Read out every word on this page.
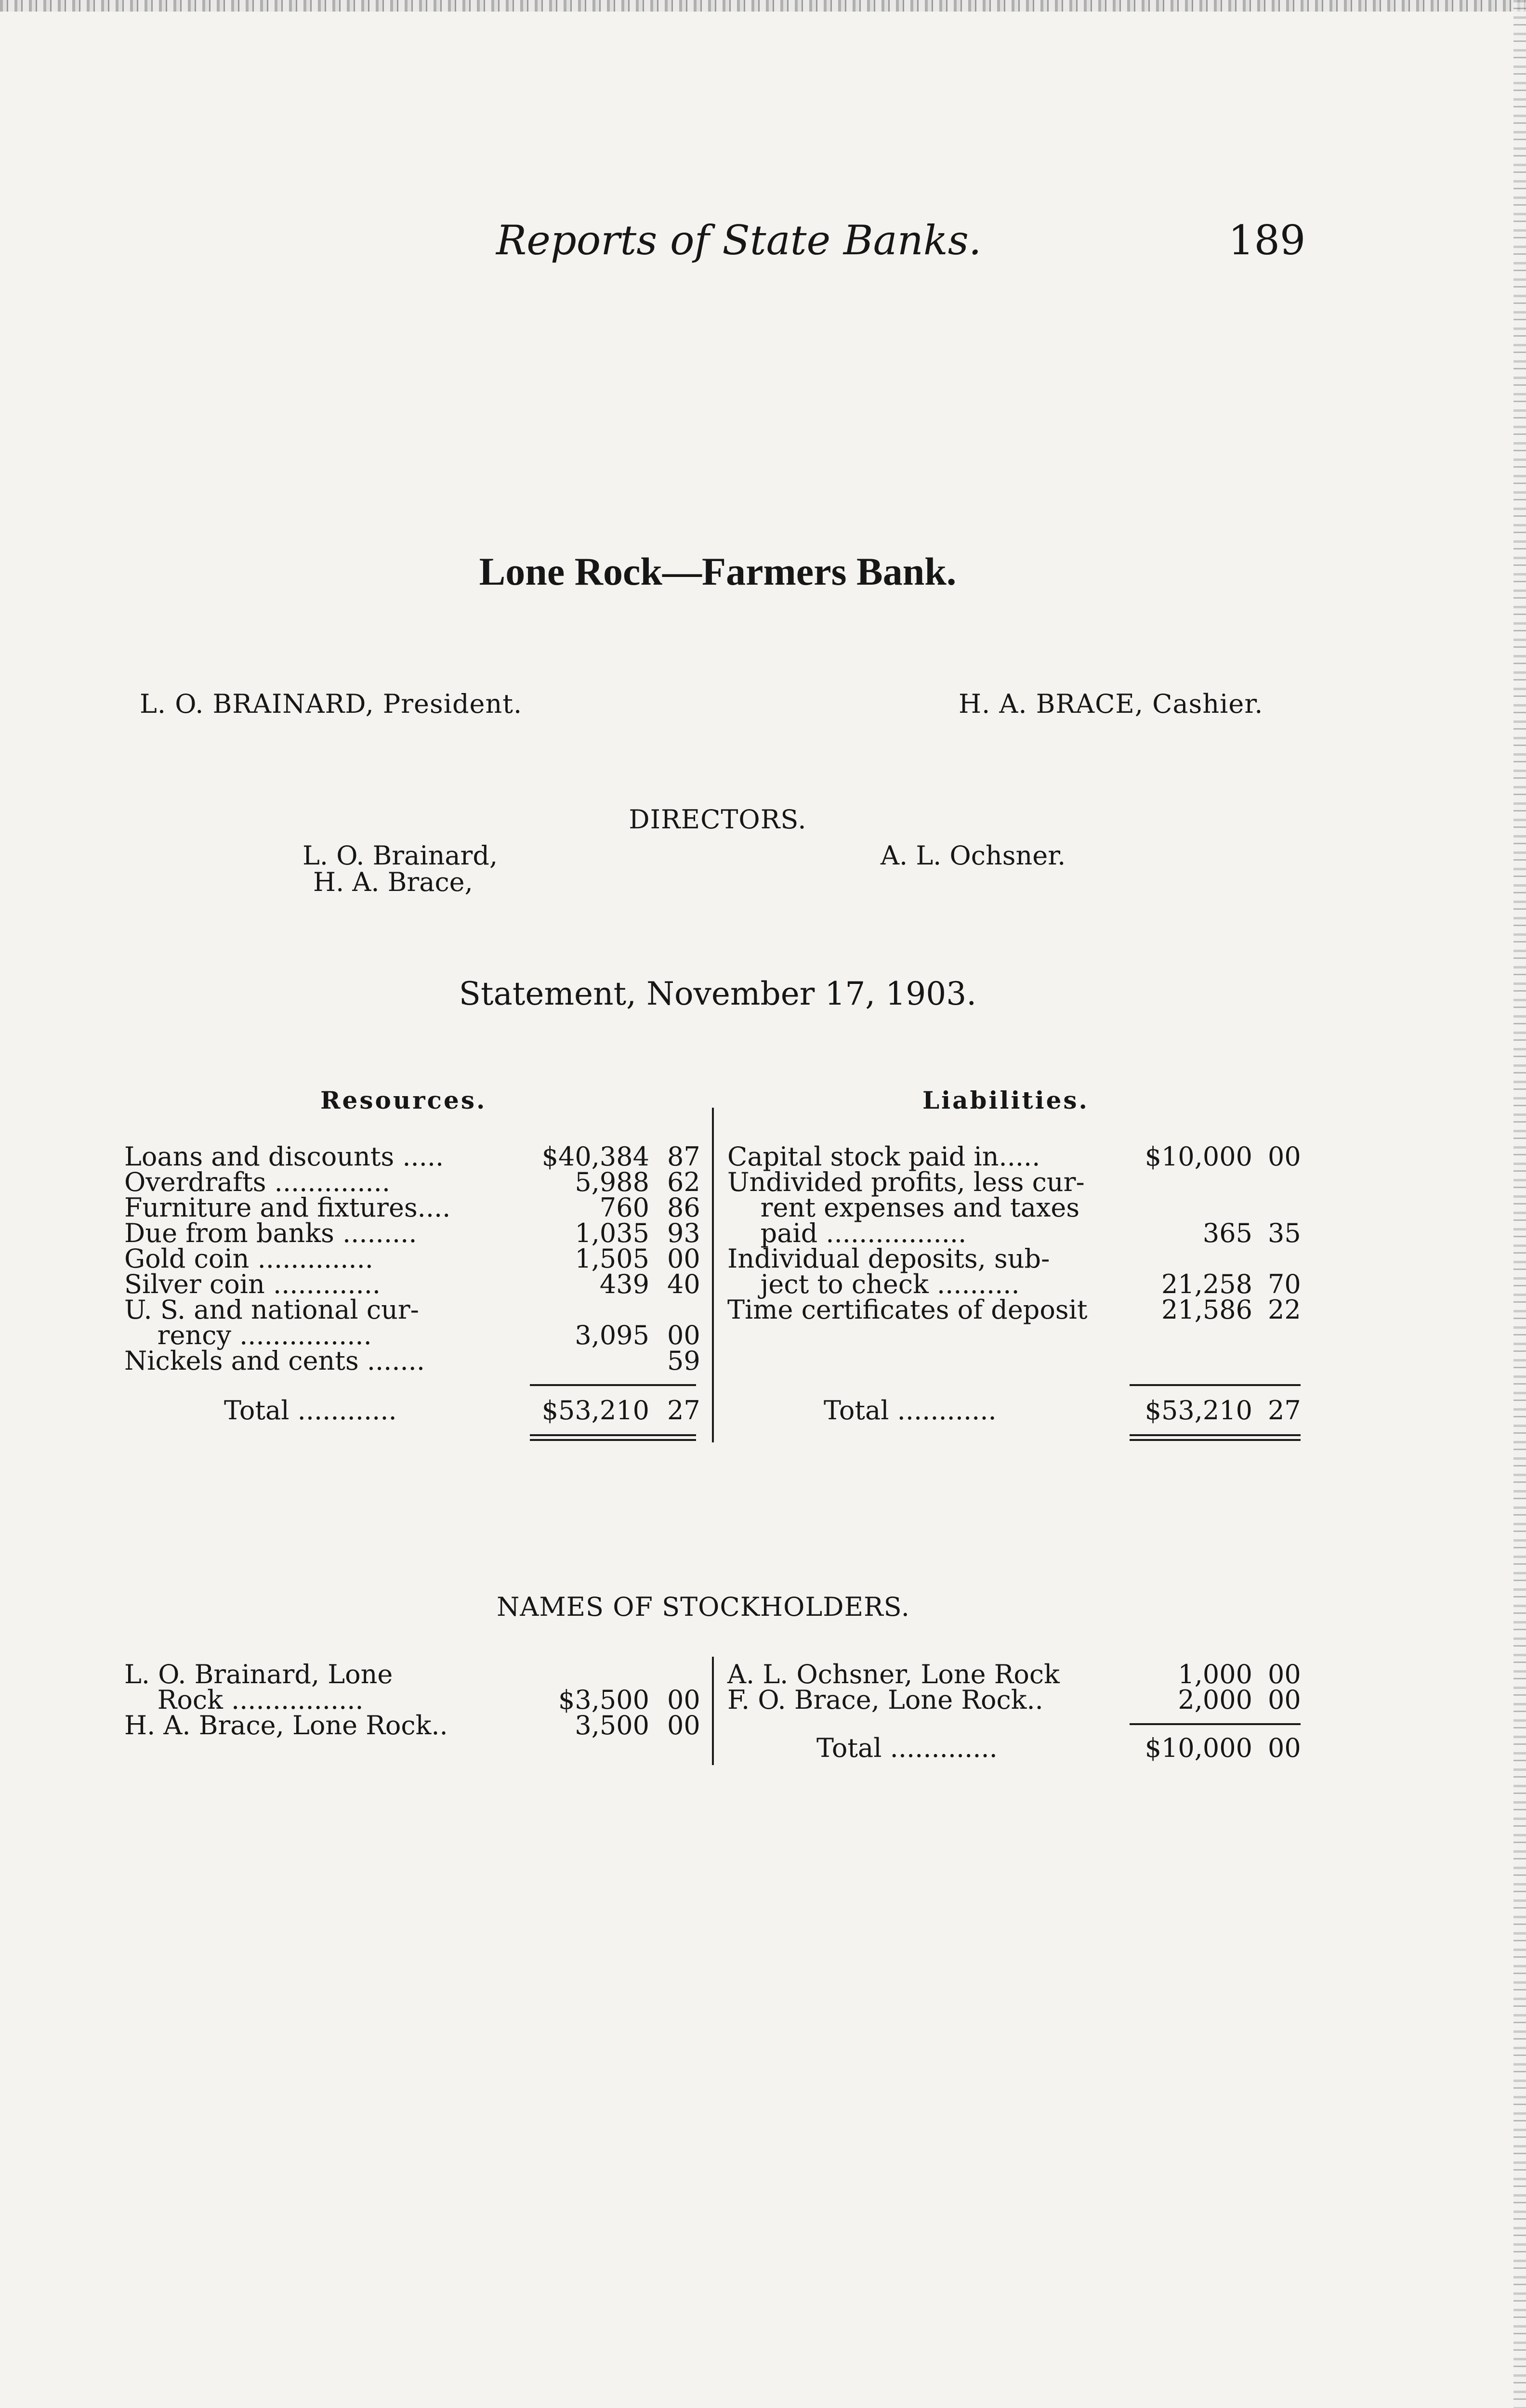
Reports of State Banks.	189
Lone Rock—Farmers Bank.
L. O. BRAINARD, President.	H. A. BRACE, Cashier.
DIRECTORS.
L. O. Brainard,
H. A. Brace,
A. L. Ochsner.
Statement, November 17, 1903.
Resources.	Liabilities.
Loans and discounts .....	$40,384 87
Overdrafts ..............	5,988 62
Furniture and fixtures....	760 86
Due from banks .........	1,035 93
Gold coin ..............	1,505 00
Silver coin .............	439 40
U. S. and national cur-
rency ................	3,095 00
Nickels and cents .......	59
Total ............	$53,210 27
Capital stock paid in.....	$10,000 00
Undivided profits, less cur-
rent expenses and taxes
paid .................	365 35
Individual deposits, sub-
ject to check ..........	21,258 70
Time certificates of deposit	21,586 22
Total ............	$53,210 27
NAMES OF STOCKHOLDERS.
L. O. Brainard, Lone
Rock ................	$3,500 00
H. A. Brace, Lone Rock..	3,500 00
A. L. Ochsner, Lone Rock	1,000 00
F. O. Brace, Lone Rock..	2,000 00
Total .............	$10,000 00
